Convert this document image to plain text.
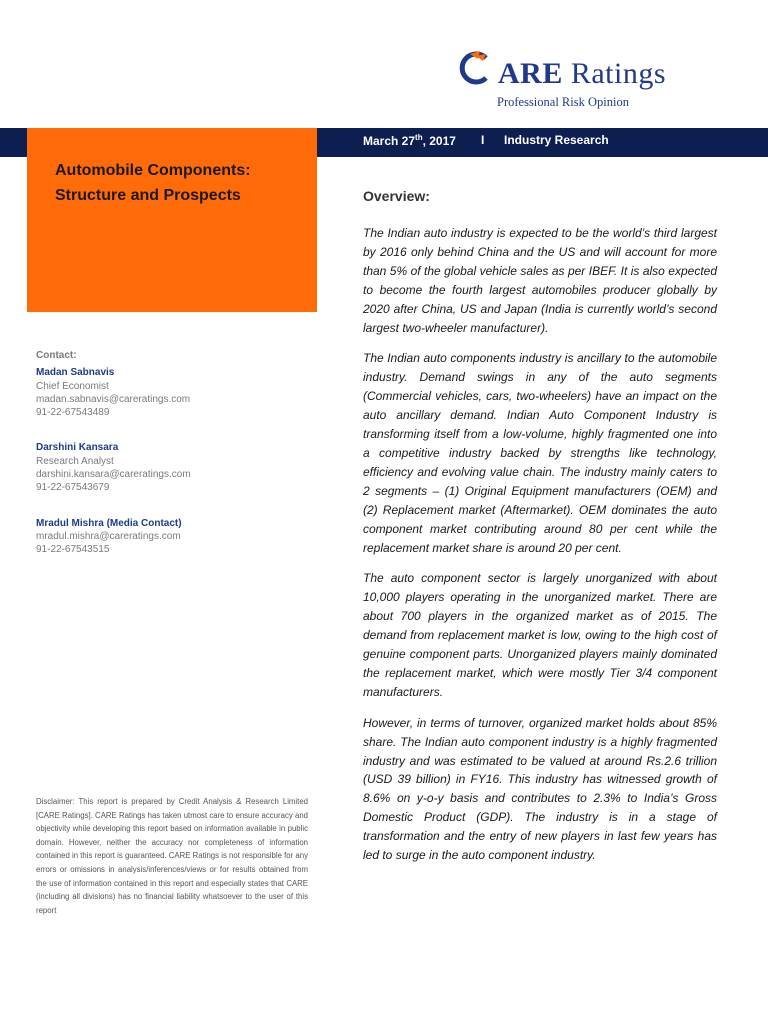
ARE Ratings
Professional Risk Opinion
March 27th, 2017 I Industry Research
Automobile Components:
Structure and Prospects
Contact:
Madan Sabnavis
Chief Economist
madan.sabnavis@careratings.com
91-22-67543489
Darshini Kansara
Research Analyst
darshini.kansara@careratings.com
91-22-67543679
Mradul Mishra (Media Contact)
mradul.mishra@careratings.com
91-22-67543515
Disclaimer: This report is prepared by Credit Analysis & Research Limited [CARE Ratings]. CARE Ratings has taken utmost care to ensure accuracy and objectivity while developing this report based on information available in public domain. However, neither the accuracy nor completeness of information contained in this report is guaranteed. CARE Ratings is not responsible for any errors or omissions in analysis/inferences/views or for results obtained from the use of information contained in this report and especially states that CARE (including all divisions) has no financial liability whatsoever to the user of this report
Overview:

The Indian auto industry is expected to be the world’s third largest by 2016 only behind China and the US and will account for more than 5% of the global vehicle sales as per IBEF. It is also expected to become the fourth largest automobiles producer globally by 2020 after China, US and Japan (India is currently world’s second largest two-wheeler manufacturer).

The Indian auto components industry is ancillary to the automobile industry. Demand swings in any of the auto segments (Commercial vehicles, cars, two-wheelers) have an impact on the auto ancillary demand. Indian Auto Component Industry is transforming itself from a low-volume, highly fragmented one into a competitive industry backed by strengths like technology, efficiency and evolving value chain. The industry mainly caters to 2 segments – (1) Original Equipment manufacturers (OEM) and (2) Replacement market (Aftermarket). OEM dominates the auto component market contributing around 80 per cent while the replacement market share is around 20 per cent.

The auto component sector is largely unorganized with about 10,000 players operating in the unorganized market. There are about 700 players in the organized market as of 2015. The demand from replacement market is low, owing to the high cost of genuine component parts. Unorganized players mainly dominated the replacement market, which were mostly Tier 3/4 component manufacturers.

However, in terms of turnover, organized market holds about 85% share. The Indian auto component industry is a highly fragmented industry and was estimated to be valued at around Rs.2.6 trillion (USD 39 billion) in FY16. This industry has witnessed growth of 8.6% on y-o-y basis and contributes to 2.3% to India’s Gross Domestic Product (GDP). The industry is in a stage of transformation and the entry of new players in last few years has led to surge in the auto component industry.
